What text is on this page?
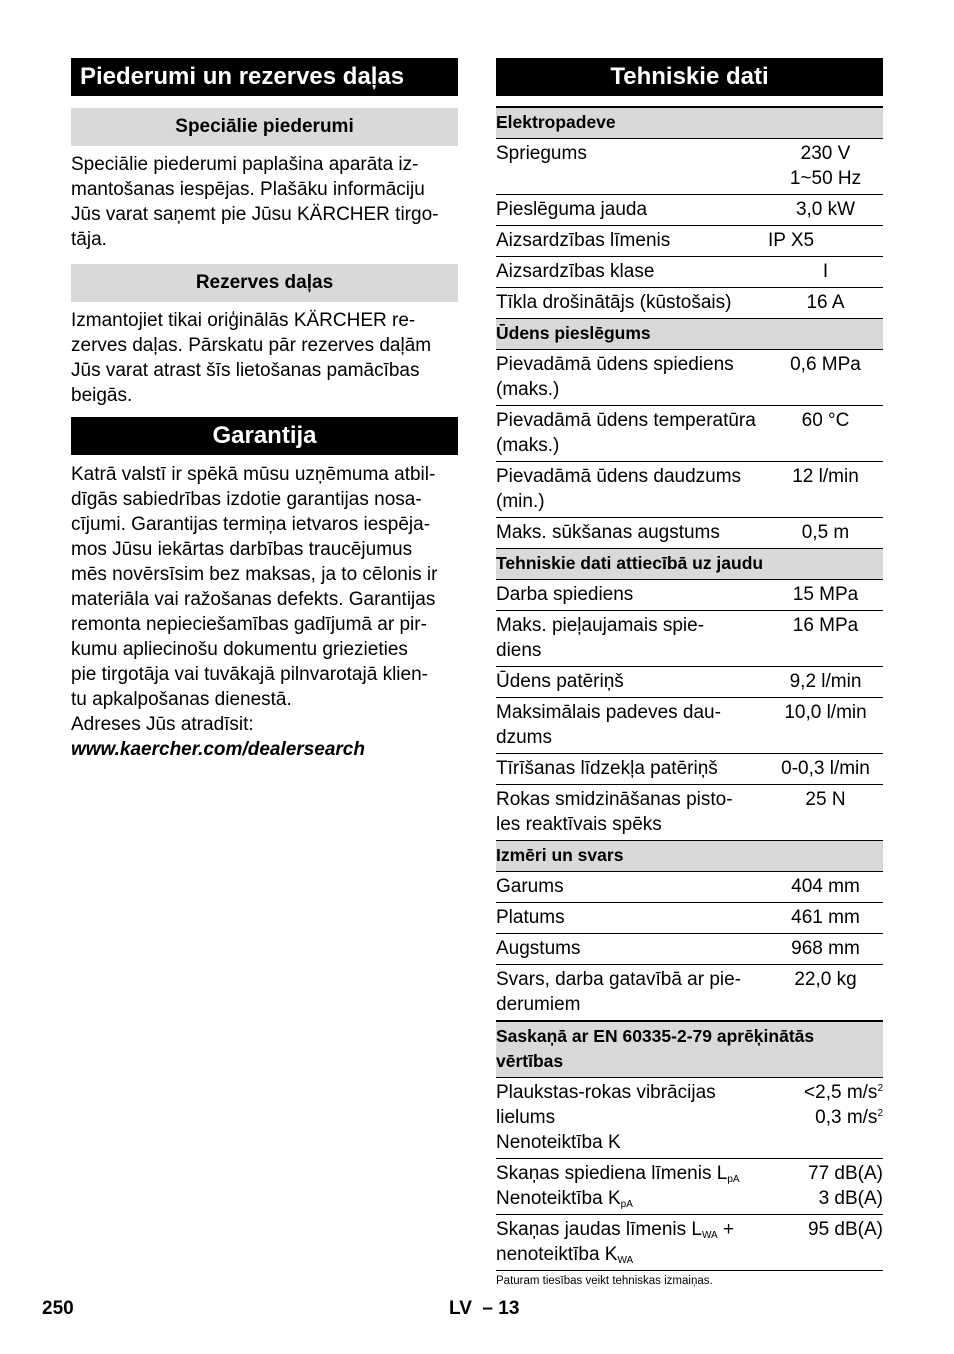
Piederumi un rezerves daļas
Speciālie piederumi
Speciālie piederumi paplašina aparāta iz-
mantošanas iespējas. Plašāku informāciju
Jūs varat saņemt pie Jūsu KÄRCHER tirgo-
tāja.
Rezerves daļas
Izmantojiet tikai oriģinālās KÄRCHER re-
zerves daļas. Pārskatu pār rezerves daļām
Jūs varat atrast šīs lietošanas pamācības
beigās.
Garantija
Katrā valstī ir spēkā mūsu uzņēmuma atbil-
dīgās sabiedrības izdotie garantijas nosa-
cījumi. Garantijas termiņa ietvaros iespēja-
mos Jūsu iekārtas darbības traucējumus
mēs novērsīsim bez maksas, ja to cēlonis ir
materiāla vai ražošanas defekts. Garantijas
remonta nepieciešamības gadījumā ar pir-
kumu apliecinošu dokumentu griezieties
pie tirgotāja vai tuvākajā pilnvarotajā klien-
tu apkalpošanas dienestā.
Adreses Jūs atradīsit:
www.kaercher.com/dealersearch
Tehniskie dati
Elektropadeve	
Spriegums	230 V
1~50 Hz

Pieslēguma jauda	3,0 kW
Aizsardzības līmenis	IP X5
Aizsardzības klase	I
Tīkla drošinātājs (kūstošais)	16 A
Ūdens pieslēgums	

Pievadāmā ūdens spiediens
(maks.)	0,6 MPa

Pievadāmā ūdens temperatūra
(maks.)	60 °C

Pievadāmā ūdens daudzums
(min.)	12 l/min
Maks. sūkšanas augstums	0,5 m
Tehniskie dati attiecībā uz jaudu	
Darba spiediens	15 MPa

Maks. pieļaujamais spie-
diens	16 MPa
Ūdens patēriņš	9,2 l/min

Maksimālais padeves dau-
dzums	10,0 l/min
Tīrīšanas līdzekļa patēriņš	0-0,3 l/min

Rokas smidzināšanas pisto-
les reaktīvais spēks	25 N
Izmēri un svars	
Garums	404 mm
Platums	461 mm
Augstums	968 mm

Svars, darba gatavībā ar pie-
derumiem	22,0 kg

Saskaņā ar EN 60335-2-79 aprēķinātās
vērtības	

Plaukstas-rokas vibrācijas
lielums
Nenoteiktība K	<2,5 $m/s^2$
0,3 $m/s^2$

Skaņas spiediena līmenis $L_{pA}$
Nenoteiktība $K_{pA}$	77 dB(A)
3 dB(A)

Skaņas jaudas līmenis $L_{WA}$ +
nenoteiktība $K_{WA}$	95 dB(A)
Paturam tiesības veikt tehniskas izmaiņas.
250	LV  – 13
